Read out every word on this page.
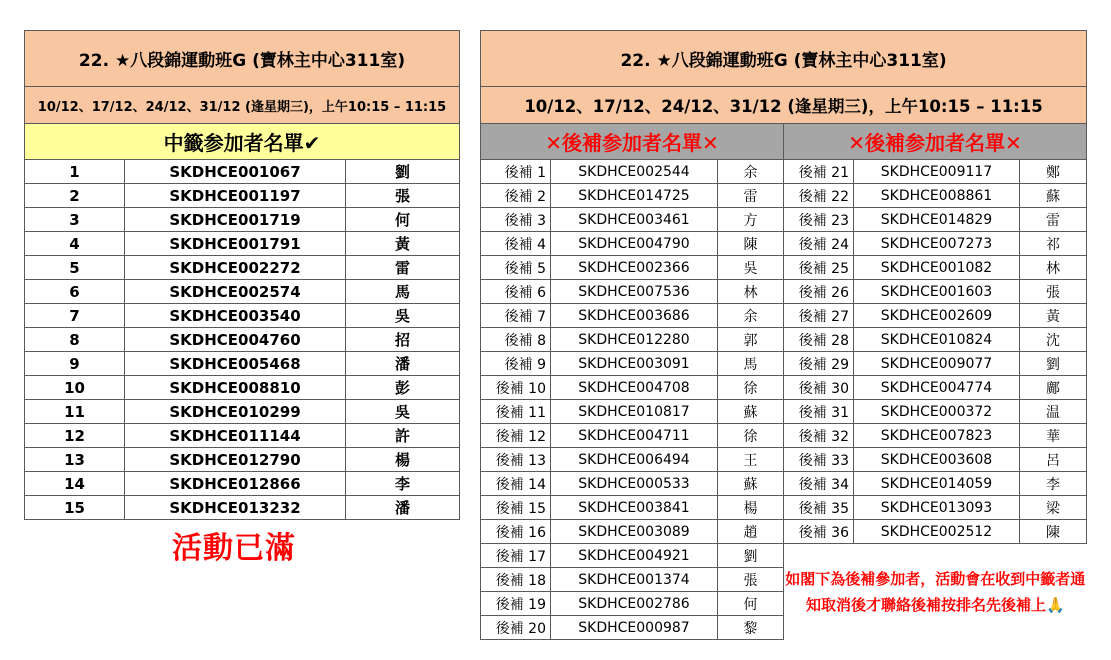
22. ★八段錦運動班G (寶林主中心311室)		
10/12、17/12、24/12、31/12 (逢星期三)，上午10:15 – 11:15		
中籤参加者名單✔		
1	SKDHCE001067	劉
2	SKDHCE001197	張
3	SKDHCE001719	何
4	SKDHCE001791	黃
5	SKDHCE002272	雷
6	SKDHCE002574	馬
7	SKDHCE003540	吳
8	SKDHCE004760	招
9	SKDHCE005468	潘
10	SKDHCE008810	彭
11	SKDHCE010299	吳
12	SKDHCE011144	許
13	SKDHCE012790	楊
14	SKDHCE012866	李
15	SKDHCE013232	潘
活動已滿
22. ★八段錦運動班G (寶林主中心311室)					
10/12、17/12、24/12、31/12 (逢星期三)，上午10:15 – 11:15					
✕後補参加者名單✕			✕後補参加者名單✕		
後補 1	SKDHCE002544	余	後補 21	SKDHCE009117	鄭
後補 2	SKDHCE014725	雷	後補 22	SKDHCE008861	蘇
後補 3	SKDHCE003461	方	後補 23	SKDHCE014829	雷
後補 4	SKDHCE004790	陳	後補 24	SKDHCE007273	祁
後補 5	SKDHCE002366	吳	後補 25	SKDHCE001082	林
後補 6	SKDHCE007536	林	後補 26	SKDHCE001603	張
後補 7	SKDHCE003686	余	後補 27	SKDHCE002609	黃
後補 8	SKDHCE012280	郭	後補 28	SKDHCE010824	沈
後補 9	SKDHCE003091	馬	後補 29	SKDHCE009077	劉
後補 10	SKDHCE004708	徐	後補 30	SKDHCE004774	鄺
後補 11	SKDHCE010817	蘇	後補 31	SKDHCE000372	温
後補 12	SKDHCE004711	徐	後補 32	SKDHCE007823	華
後補 13	SKDHCE006494	王	後補 33	SKDHCE003608	呂
後補 14	SKDHCE000533	蘇	後補 34	SKDHCE014059	李
後補 15	SKDHCE003841	楊	後補 35	SKDHCE013093	梁
後補 16	SKDHCE003089	趙	後補 36	SKDHCE002512	陳
後補 17	SKDHCE004921	劉	如閣下為後補參加者，活動會在收到中籤者通知取消後才聯絡後補按排名先後補上🙏		
後補 18	SKDHCE001374	張			
後補 19	SKDHCE002786	何			
後補 20	SKDHCE000987	黎			
